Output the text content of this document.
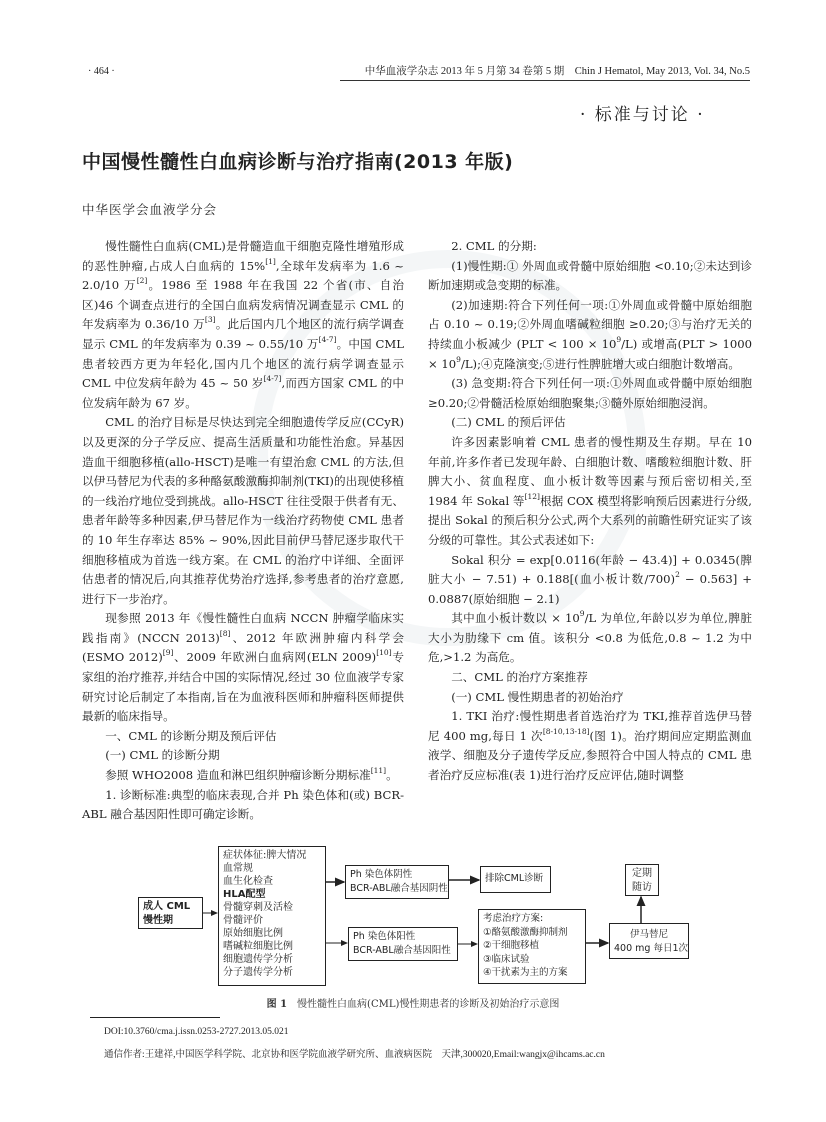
· 464 ·	中华血液学杂志 2013 年 5 月第 34 卷第 5 期　Chin J Hematol, May 2013, Vol. 34, No.5
· 标准与讨论 ·
中国慢性髓性白血病诊断与治疗指南(2013 年版)
中华医学会血液学分会

慢性髓性白血病(CML)是骨髓造血干细胞克隆性增殖形成的恶性肿瘤,占成人白血病的 15%[1],全球年发病率为 1.6 ~ 2.0/10 万[2]。1986 至 1988 年在我国 22 个省(市、自治区)46 个调查点进行的全国白血病发病情况调查显示 CML 的年发病率为 0.36/10 万[3]。此后国内几个地区的流行病学调查显示 CML 的年发病率为 0.39 ~ 0.55/10 万[4-7]。中国 CML 患者较西方更为年轻化,国内几个地区的流行病学调查显示 CML 中位发病年龄为 45 ~ 50 岁[4-7],而西方国家 CML 的中位发病年龄为 67 岁。

CML 的治疗目标是尽快达到完全细胞遗传学反应(CCyR)以及更深的分子学反应、提高生活质量和功能性治愈。异基因造血干细胞移植(allo-HSCT)是唯一有望治愈 CML 的方法,但以伊马替尼为代表的多种酪氨酸激酶抑制剂(TKI)的出现使移植的一线治疗地位受到挑战。allo-HSCT 往往受限于供者有无、患者年龄等多种因素,伊马替尼作为一线治疗药物使 CML 患者的 10 年生存率达 85% ~ 90%,因此目前伊马替尼逐步取代干细胞移植成为首选一线方案。在 CML 的治疗中详细、全面评估患者的情况后,向其推荐优势治疗选择,参考患者的治疗意愿,进行下一步治疗。

现参照 2013 年《慢性髓性白血病 NCCN 肿瘤学临床实践指南》(NCCN 2013)[8]、2012 年欧洲肿瘤内科学会(ESMO 2012)[9]、2009 年欧洲白血病网(ELN 2009)[10]专家组的治疗推荐,并结合中国的实际情况,经过 30 位血液学专家研究讨论后制定了本指南,旨在为血液科医师和肿瘤科医师提供最新的临床指导。

一、CML 的诊断分期及预后评估

(一) CML 的诊断分期

参照 WHO2008 造血和淋巴组织肿瘤诊断分期标准[11]。

1. 诊断标准:典型的临床表现,合并 Ph 染色体和(或) BCR-ABL 融合基因阳性即可确定诊断。

2. CML 的分期:

(1)慢性期:① 外周血或骨髓中原始细胞 <0.10;②未达到诊断加速期或急变期的标准。

(2)加速期:符合下列任何一项:①外周血或骨髓中原始细胞占 0.10 ~ 0.19;②外周血嗜碱粒细胞 ≥0.20;③与治疗无关的持续血小板减少 $(PLT < 100 \times 10^9/L)$ 或增高$(PLT > 1000 \times 10^9/L);④$克隆演变;⑤进行性脾脏增大或白细胞计数增高。

(3) 急变期:符合下列任何一项:①外周血或骨髓中原始细胞 ≥0.20;②骨髓活检原始细胞聚集;③髓外原始细胞浸润。

(二) CML 的预后评估

许多因素影响着 CML 患者的慢性期及生存期。早在 10 年前,许多作者已发现年龄、白细胞计数、嗜酸粒细胞计数、肝脾大小、贫血程度、血小板计数等因素与预后密切相关,至 1984 年 Sokal 等[12]根据 COX 模型将影响预后因素进行分级,提出 Sokal 的预后积分公式,两个大系列的前瞻性研究证实了该分级的可靠性。其公式表述如下:

Sokal 积分 = exp[0.0116(年龄 − 43.4)] + 0.0345(脾脏大小 − 7.51) + 0.188[(血小板计数/700)$^2$ − 0.563] + 0.0887(原始细胞 − 2.1)

其中血小板计数以 × $10^9/L$ 为单位,年龄以岁为单位,脾脏大小为肋缘下 cm 值。该积分 <0.8 为低危,0.8 ~ 1.2 为中危,>1.2 为高危。

二、CML 的治疗方案推荐

(一) CML 慢性期患者的初始治疗

1. TKI 治疗:慢性期患者首选治疗为 TKI,推荐首选伊马替尼 400 mg,每日 1 次[8-10,13-18](图 1)。治疗期间应定期监测血液学、细胞及分子遗传学反应,参照符合中国人特点的 CML 患者治疗反应标准(表 1)进行治疗反应评估,随时调整

成人 CML
慢性期
症状体征:脾大情况
血常规
血生化检查
HLA配型
骨髓穿刺及活检
骨髓评价
原始细胞比例
嗜碱粒细胞比例
细胞遗传学分析
分子遗传学分析
Ph 染色体阴性
BCR-ABL融合基因阴性
Ph 染色体阳性
BCR-ABL融合基因阳性
排除CML诊断
考虑治疗方案:
①酪氨酸激酶抑制剂
②干细胞移植
③临床试验
④干扰素为主的方案
伊马替尼
400 mg 每日1次
定期
随访
图 1 慢性髓性白血病(CML)慢性期患者的诊断及初始治疗示意图
DOI:10.3760/cma.j.issn.0253-2727.2013.05.021
通信作者:王建祥,中国医学科学院、北京协和医学院血液学研究所、血液病医院　天津,300020,Email:wangjx@ihcams.ac.cn
